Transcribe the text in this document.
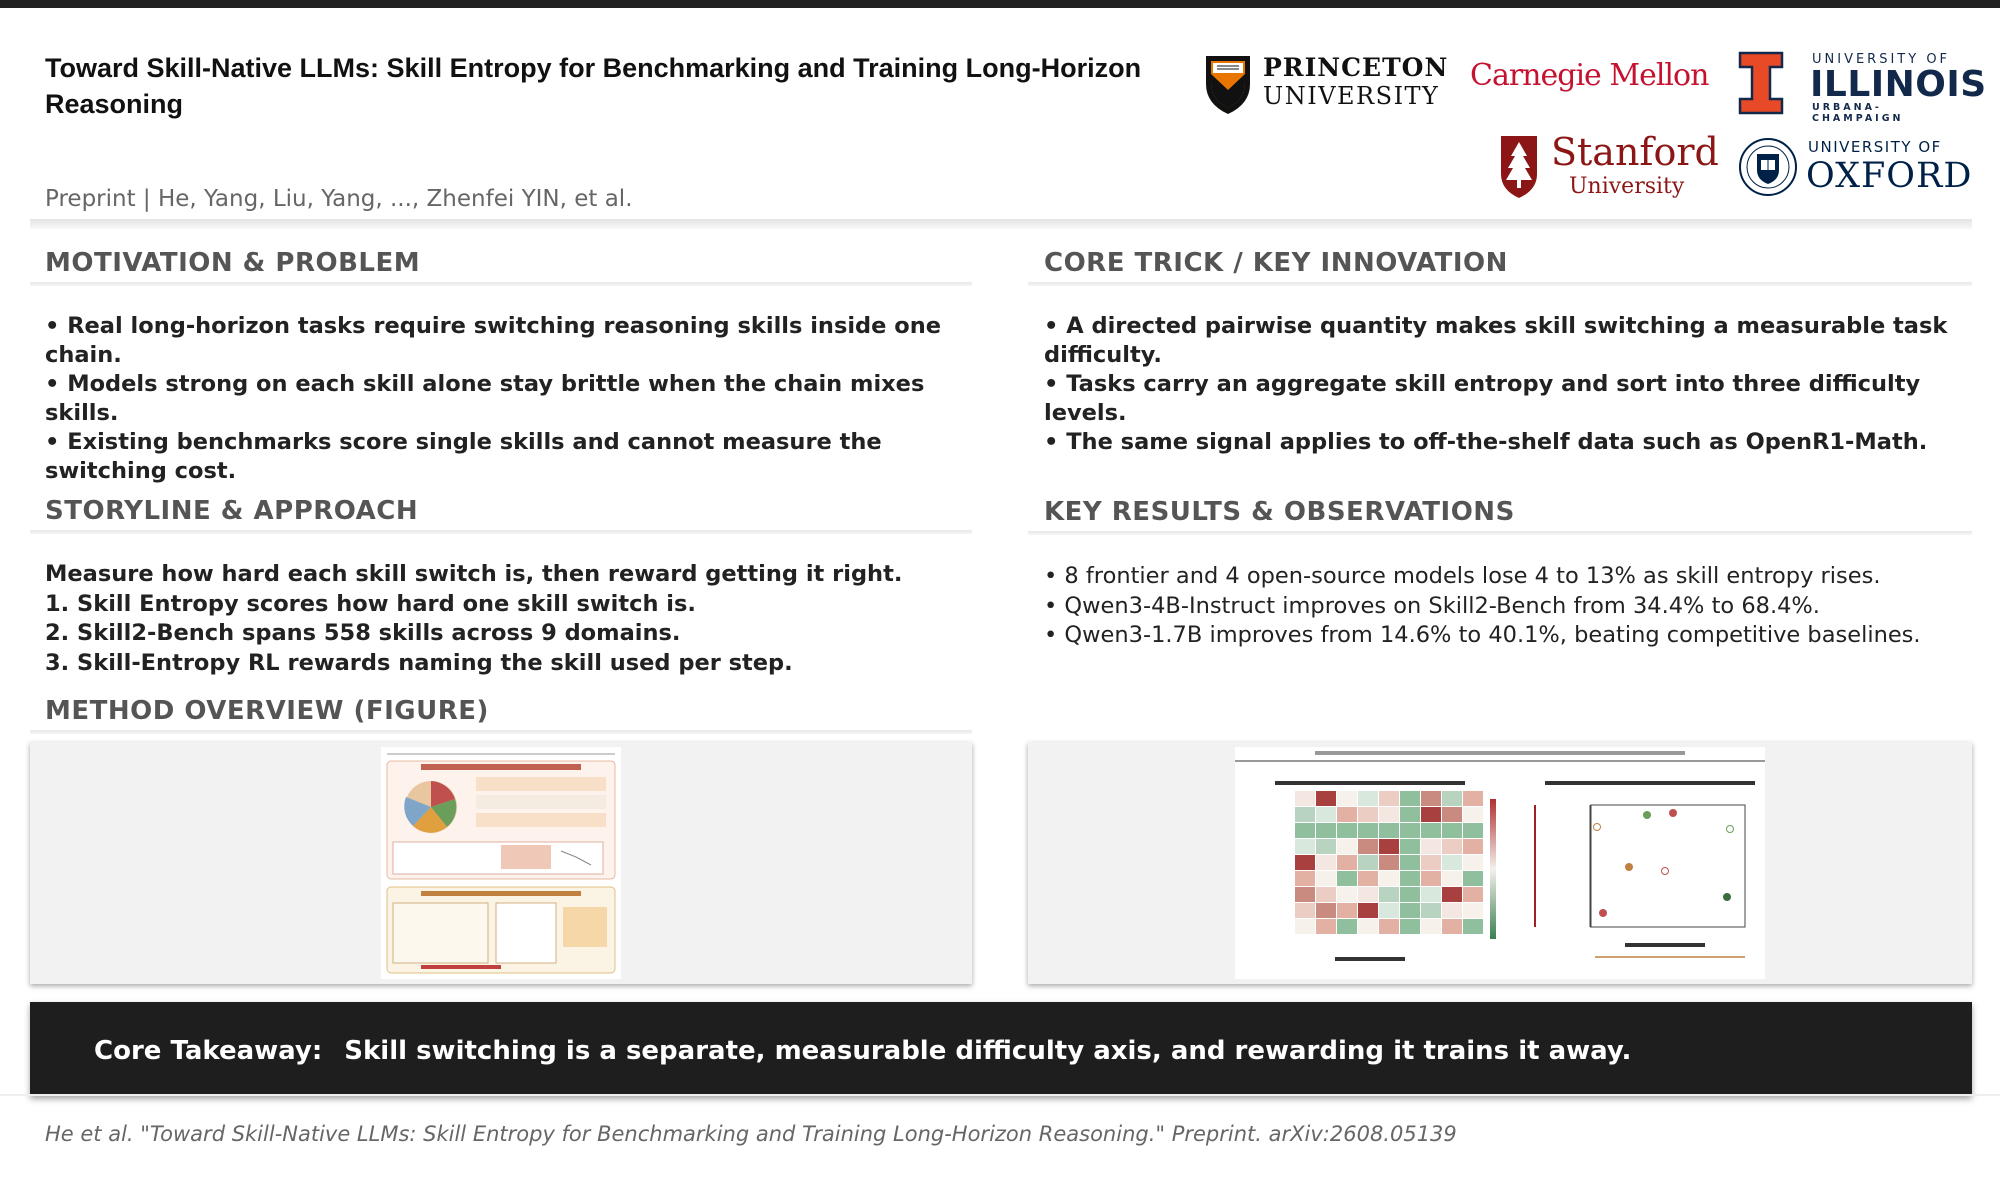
Toward Skill-Native LLMs: Skill Entropy for Benchmarking and Training Long-Horizon Reasoning
Preprint | He, Yang, Liu, Yang, ..., Zhenfei YIN, et al.
PRINCETON
UNIVERSITY
Carnegie Mellon	UNIVERSITY OF
ILLINOIS
URBANA-CHAMPAIGN
Stanford
University
UNIVERSITY OF
OXFORD
MOTIVATION & PROBLEM
• Real long-horizon tasks require switching reasoning skills inside one chain.
• Models strong on each skill alone stay brittle when the chain mixes skills.
• Existing benchmarks score single skills and cannot measure the switching cost.
STORYLINE & APPROACH
Measure how hard each skill switch is, then reward getting it right.
1. Skill Entropy scores how hard one skill switch is.
2. Skill2-Bench spans 558 skills across 9 domains.
3. Skill-Entropy RL rewards naming the skill used per step.
METHOD OVERVIEW (FIGURE)
CORE TRICK / KEY INNOVATION
• A directed pairwise quantity makes skill switching a measurable task difficulty.
• Tasks carry an aggregate skill entropy and sort into three difficulty levels.
• The same signal applies to off-the-shelf data such as OpenR1-Math.
KEY RESULTS & OBSERVATIONS
• 8 frontier and 4 open-source models lose 4 to 13% as skill entropy rises.
• Qwen3-4B-Instruct improves on Skill2-Bench from 34.4% to 68.4%.
• Qwen3-1.7B improves from 14.6% to 40.1%, beating competitive baselines.
Core Takeaway: Skill switching is a separate, measurable difficulty axis, and rewarding it trains it away.
He et al. "Toward Skill-Native LLMs: Skill Entropy for Benchmarking and Training Long-Horizon Reasoning." Preprint. arXiv:2608.05139
